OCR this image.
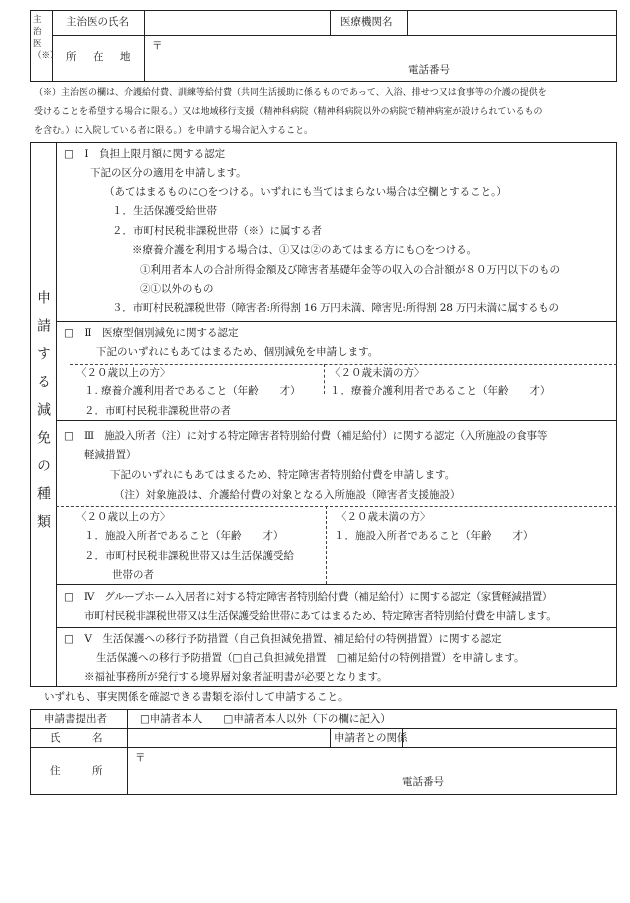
主治医（※）
主治医の氏名	医療機関名
所　在　地
〒
電話番号
（※）主治医の欄は、介護給付費、訓練等給付費（共同生活援助に係るものであって、入浴、排せつ又は食事等の介護の提供を
受けることを希望する場合に限る。）又は地域移行支援（精神科病院（精神科病院以外の病院で精神病室が設けられているもの
を含む。）に入院している者に限る。）を申請する場合記入すること。
申請する減免の種類
□　Ⅰ　負担上限月額に関する認定
下記の区分の適用を申請します。
（あてはまるものに○をつける。いずれにも当てはまらない場合は空欄とすること。）
１．生活保護受給世帯
２．市町村民税非課税世帯（※）に属する者
※療養介護を利用する場合は、①又は②のあてはまる方にも○をつける。
①利用者本人の合計所得金額及び障害者基礎年金等の収入の合計額が８０万円以下のもの
②①以外のもの
３．市町村民税課税世帯（障害者:所得割 16 万円未満、障害児:所得割 28 万円未満に属するもの
□　Ⅱ　医療型個別減免に関する認定
下記のいずれにもあてはまるため、個別減免を申請します。
〈２０歳以上の方〉
１. 療養介護利用者であること（年齢　　才）
２．市町村民税非課税世帯の者
〈２０歳未満の方〉
１．療養介護利用者であること（年齢　　才）
□　Ⅲ　施設入所者（注）に対する特定障害者特別給付費（補足給付）に関する認定（入所施設の食事等
軽減措置）
下記のいずれにもあてはまるため、特定障害者特別給付費を申請します。
（注）対象施設は、介護給付費の対象となる入所施設（障害者支援施設）
〈２０歳以上の方〉
１．施設入所者であること（年齢　　才）
２．市町村民税非課税世帯又は生活保護受給
世帯の者
〈２０歳未満の方〉
１．施設入所者であること（年齢　　才）
□　Ⅳ　グループホーム入居者に対する特定障害者特別給付費（補足給付）に関する認定（家賃軽減措置）
市町村民税非課税世帯又は生活保護受給世帯にあてはまるため、特定障害者特別給付費を申請します。
□　Ⅴ　生活保護への移行予防措置（自己負担減免措置、補足給付の特例措置）に関する認定
生活保護への移行予防措置（□自己負担減免措置　□補足給付の特例措置）を申請します。
※福祉事務所が発行する境界層対象者証明書が必要となります。
いずれも、事実関係を確認できる書類を添付して申請すること。
申請書提出者	□申請者本人　　□申請者本人以外（下の欄に記入）
氏　　　名	申請者との関係
住　　　所
〒
電話番号
